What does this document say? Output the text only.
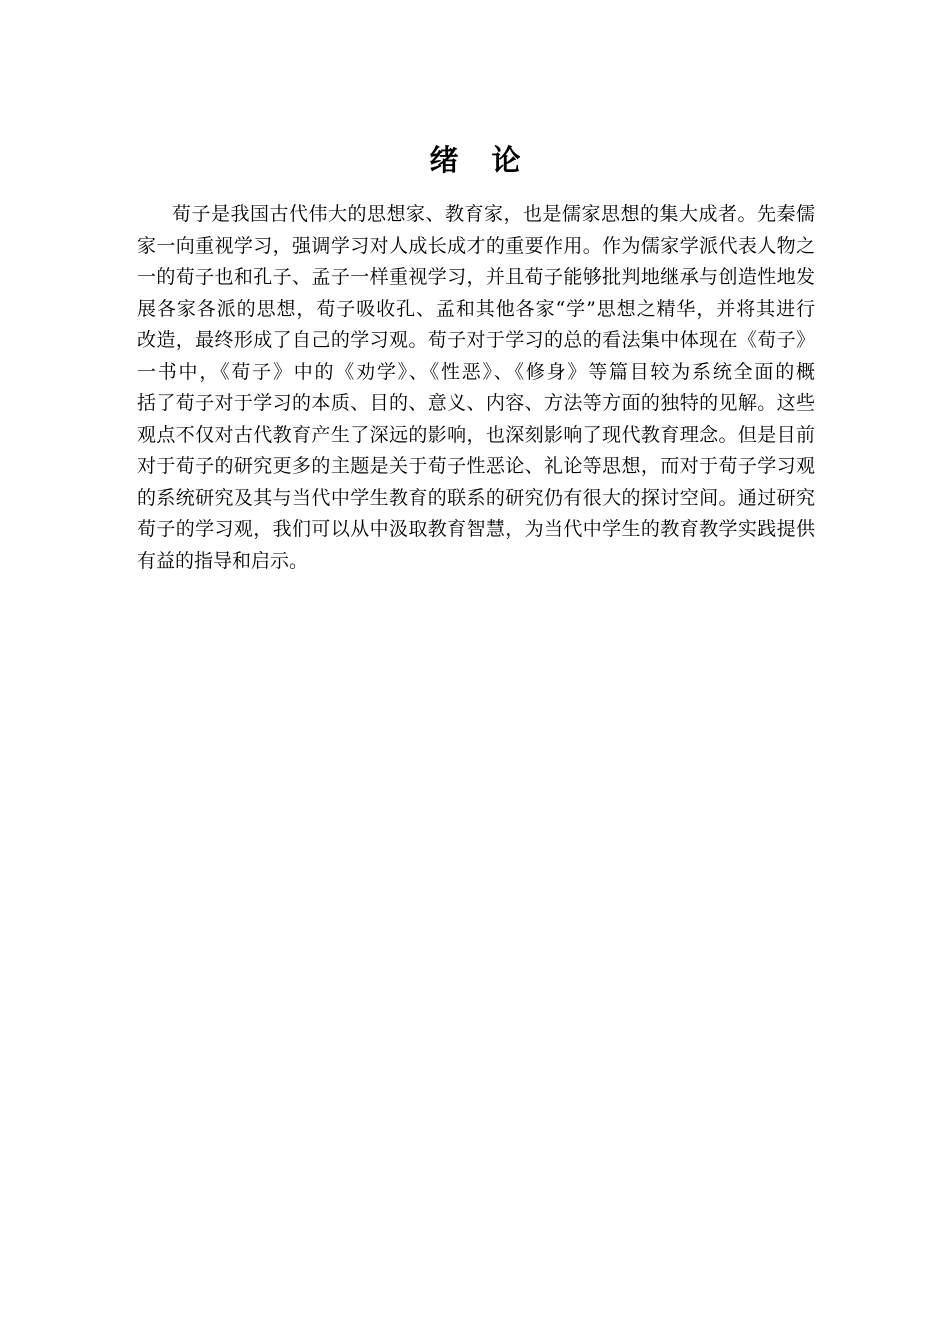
绪 论

荀子是我国古代伟大的思想家、教育家，也是儒家思想的集大成者。先秦儒
家一向重视学习，强调学习对人成长成才的重要作用。作为儒家学派代表人物之
一的荀子也和孔子、孟子一样重视学习，并且荀子能够批判地继承与创造性地发
展各家各派的思想，荀子吸收孔、孟和其他各家“学”思想之精华，并将其进行
改造，最终形成了自己的学习观。荀子对于学习的总的看法集中体现在《荀子》
一书中，《荀子》中的《劝学》、《性恶》、《修身》等篇目较为系统全面的概
括了荀子对于学习的本质、目的、意义、内容、方法等方面的独特的见解。这些
观点不仅对古代教育产生了深远的影响，也深刻影响了现代教育理念。但是目前
对于荀子的研究更多的主题是关于荀子性恶论、礼论等思想，而对于荀子学习观
的系统研究及其与当代中学生教育的联系的研究仍有很大的探讨空间。通过研究
荀子的学习观，我们可以从中汲取教育智慧，为当代中学生的教育教学实践提供
有益的指导和启示。
